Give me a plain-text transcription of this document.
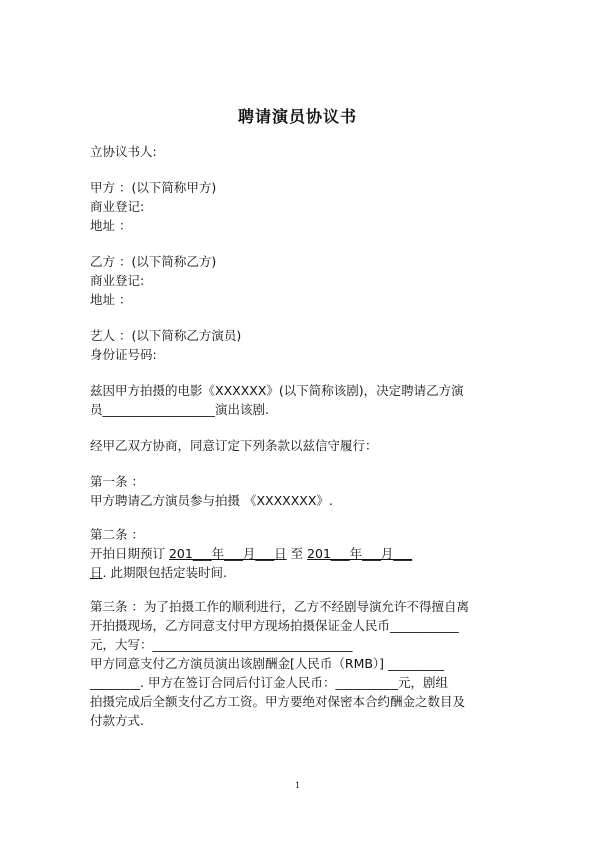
聘请演员协议书
立协议书人:
甲方 ：(以下简称甲方)
商业登记:
地址 ：
乙方 ：(以下简称乙方)
商业登记:
地址 ：
艺人 ：(以下简称乙方演员)
身份证号码:
兹因甲方拍摄的电影《XXXXXX》(以下简称该剧)，决定聘请乙方演
员__________________演出该剧.
经甲乙双方协商，同意订定下列条款以兹信守履行：
第一条 ：
甲方聘请乙方演员参与拍摄 《XXXXXXX》.
第二条 ：
开拍日期预订 201___年___月___日 至 201___年___月___
日. 此期限包括定装时间.
第三条 ：为了拍摄工作的顺利进行，乙方不经剧导演允许不得擅自离
开拍摄现场，乙方同意支付甲方现场拍摄保证金人民币___________
元，大写：________________________________
甲方同意支付乙方演员演出该剧酬金[人民币（RMB）] _________
________. 甲方在签订合同后付订金人民币：__________元，剧组
拍摄完成后全额支付乙方工资。甲方要绝对保密本合约酬金之数目及
付款方式.
1
